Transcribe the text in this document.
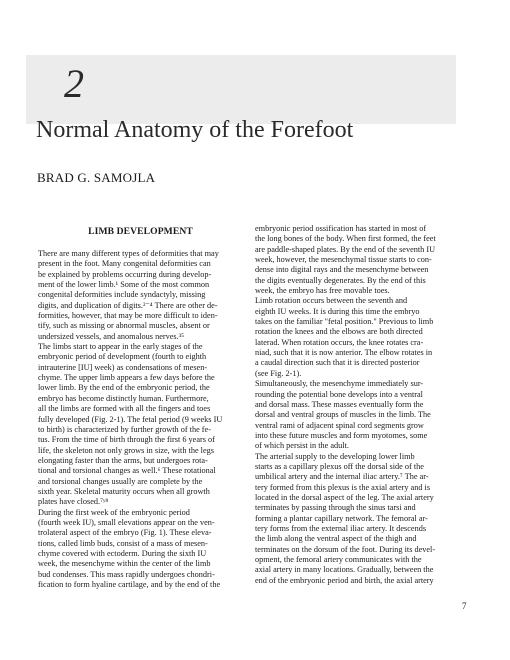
2
Normal Anatomy of the Forefoot
BRAD G. SAMOJLA
LIMB DEVELOPMENT
There are many different types of deformities that may
present in the foot. Many congenital deformities can
be explained by problems occurring during develop-
ment of the lower limb.¹ Some of the most common
congenital deformities include syndactyly, missing
digits, and duplication of digits.²⁻⁴ There are other de-
formities, however, that may be more difficult to iden-
tify, such as missing or abnormal muscles, absent or
undersized vessels, and anomalous nerves.³⁵
The limbs start to appear in the early stages of the
embryonic period of development (fourth to eighth
intrauterine [IU] week) as condensations of mesen-
chyme. The upper limb appears a few days before the
lower limb. By the end of the embryonic period, the
embryo has become distinctly human. Furthermore,
all the limbs are formed with all the fingers and toes
fully developed (Fig. 2-1). The fetal period (9 weeks IU
to birth) is characterized by further growth of the fe-
tus. From the time of birth through the first 6 years of
life, the skeleton not only grows in size, with the legs
elongating faster than the arms, but undergoes rota-
tional and torsional changes as well.⁶ These rotational
and torsional changes usually are complete by the
sixth year. Skeletal maturity occurs when all growth
plates have closed.⁷ʸ⁸
During the first week of the embryonic period
(fourth week IU), small elevations appear on the ven-
trolateral aspect of the embryo (Fig. 1). These eleva-
tions, called limb buds, consist of a mass of mesen-
chyme covered with ectoderm. During the sixth IU
week, the mesenchyme within the center of the limb
bud condenses. This mass rapidly undergoes chondri-
fication to form hyaline cartilage, and by the end of the
embryonic period ossification has started in most of
the long bones of the body. When first formed, the feet
are paddle-shaped plates. By the end of the seventh IU
week, however, the mesenchymal tissue starts to con-
dense into digital rays and the mesenchyme between
the digits eventually degenerates. By the end of this
week, the embryo has free movable toes.
Limb rotation occurs between the seventh and
eighth IU weeks. It is during this time the embryo
takes on the familiar "fetal position." Previous to limb
rotation the knees and the elbows are both directed
laterad. When rotation occurs, the knee rotates cra-
niad, such that it is now anterior. The elbow rotates in
a caudal direction such that it is directed posterior
(see Fig. 2-1).
Simultaneously, the mesenchyme immediately sur-
rounding the potential bone develops into a ventral
and dorsal mass. These masses eventually form the
dorsal and ventral groups of muscles in the limb. The
ventral rami of adjacent spinal cord segments grow
into these future muscles and form myotomes, some
of which persist in the adult.
The arterial supply to the developing lower limb
starts as a capillary plexus off the dorsal side of the
umbilical artery and the internal iliac artery.⁷ The ar-
tery formed from this plexus is the axial artery and is
located in the dorsal aspect of the leg. The axial artery
terminates by passing through the sinus tarsi and
forming a plantar capillary network. The femoral ar-
tery forms from the external iliac artery. It descends
the limb along the ventral aspect of the thigh and
terminates on the dorsum of the foot. During its devel-
opment, the femoral artery communicates with the
axial artery in many locations. Gradually, between the
end of the embryonic period and birth, the axial artery
7
